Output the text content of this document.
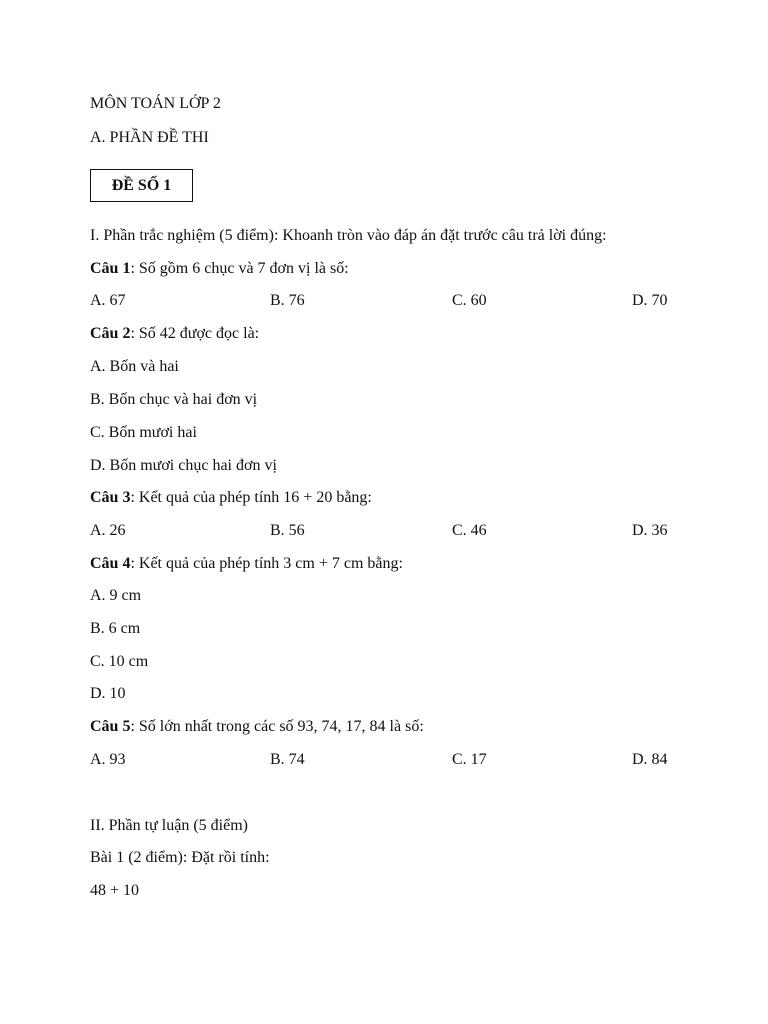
MÔN TOÁN LỚP 2
A. PHẦN ĐỀ THI
ĐỀ SỐ 1
I. Phần trắc nghiệm (5 điểm): Khoanh tròn vào đáp án đặt trước câu trả lời đúng:
Câu 1: Số gồm 6 chục và 7 đơn vị là số:
A. 67	B. 76	C. 60	D. 70
Câu 2: Số 42 được đọc là:
A. Bốn và hai
B. Bốn chục và hai đơn vị
C. Bốn mươi hai
D. Bốn mươi chục hai đơn vị
Câu 3: Kết quả của phép tính 16 + 20 bằng:
A. 26	B. 56	C. 46	D. 36
Câu 4: Kết quả của phép tính 3 cm + 7 cm bằng:
A. 9 cm
B. 6 cm
C. 10 cm
D. 10
Câu 5: Số lớn nhất trong các số 93, 74, 17, 84 là số:
A. 93	B. 74	C. 17	D. 84
II. Phần tự luận (5 điểm)
Bài 1 (2 điểm): Đặt rồi tính:
48 + 10
